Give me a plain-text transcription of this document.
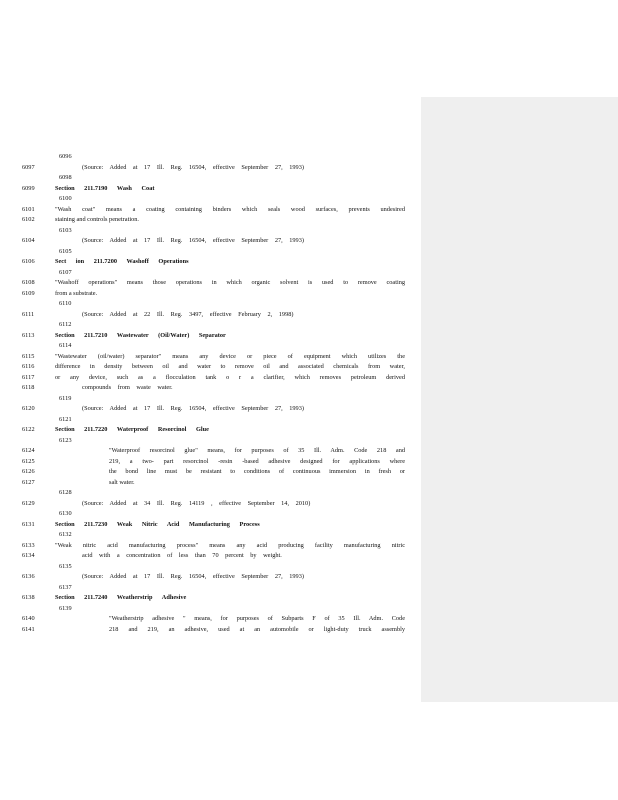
6096
6097	(Source: Added at 17 Ill. Reg. 16504, effective September 27, 1993)
6098
6099	Section 211.7190 Wash Coat
6100
6101	"Wash coat" means a coating containing binders which seals wood surfaces, prevents undesired
6102	staining and controls penetration.
6103
6104	(Source: Added at 17 Ill. Reg. 16504, effective September 27, 1993)
6105
6106	Sect ion 211.7200 Washoff Operations
6107
6108	"Washoff operations" means those operations in which organic solvent is used to remove coating
6109	from a substrate.
6110
6111	(Source: Added at 22 Ill. Reg. 3497, effective February 2, 1998)
6112
6113	Section 211.7210 Wastewater (Oil/Water) Separator
6114
6115	"Wastewater (oil/water) separator" means any device or piece of equipment which utilizes the
6116	difference in density between oil and water to remove oil and associated chemicals from water,
6117	or any device, such as a flocculation tank o r a clarifier, which removes petroleum derived
6118	compounds from waste water.
6119
6120	(Source: Added at 17 Ill. Reg. 16504, effective September 27, 1993)
6121
6122	Section 211.7220 Waterproof Resorcinol Glue
6123
6124	"Waterproof resorcinol glue" means, for purposes of 35 Ill. Adm. Code 218 and
6125	219, a two- part resorcinol -resin -based adhesive designed for applications where
6126	the bond line must be resistant to conditions of continuous immersion in fresh or
6127	salt water.
6128
6129	(Source: Added at 34 Ill. Reg. 14119 , effective September 14, 2010)
6130
6131	Section 211.7230 Weak Nitric Acid Manufacturing Process
6132
6133	"Weak nitric acid manufacturing process" means any acid producing facility manufacturing nitric
6134	acid with a concentration of less than 70 percent by weight.
6135
6136	(Source: Added at 17 Ill. Reg. 16504, effective September 27, 1993)
6137
6138	Section 211.7240 Weatherstrip Adhesive
6139
6140	"Weatherstrip adhesive " means, for purposes of Subparts F of 35 Ill. Adm. Code
6141	218 and 219, an adhesive, used at an automobile or light-duty truck assembly
